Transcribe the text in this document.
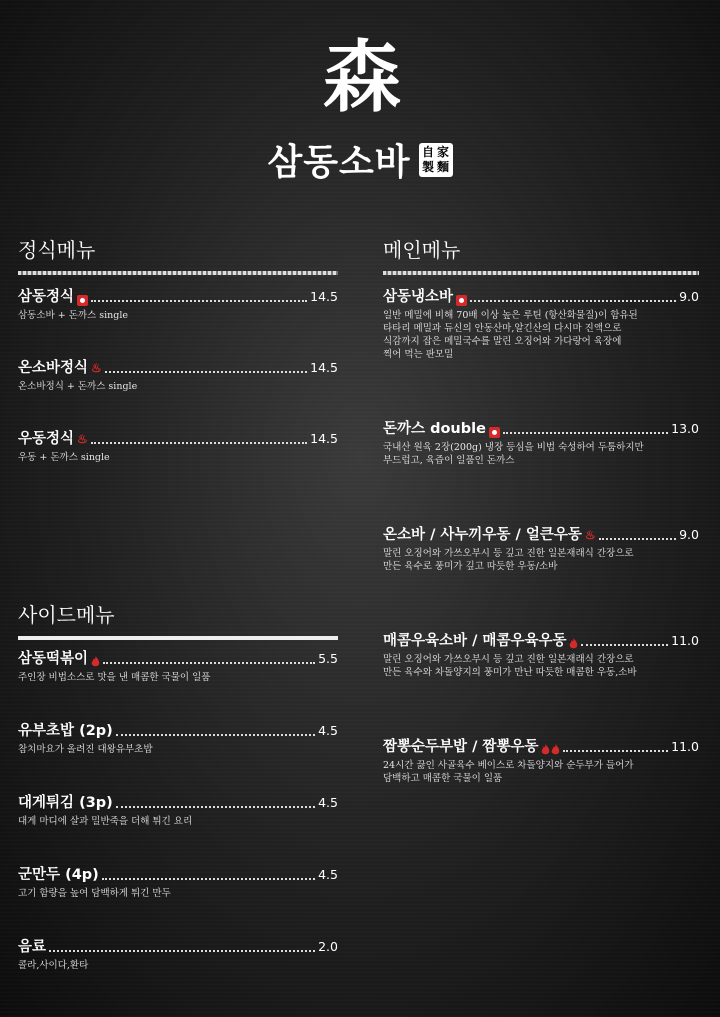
森
삼동소바 自 家
製 麵
정식메뉴
삼동정식	14.5
삼동소바 + 돈까스 single
온소바정식 ♨	14.5
온소바정식 + 돈까스 single
우동정식 ♨	14.5
우동 + 돈까스 single
사이드메뉴
삼동떡볶이	5.5
주인장 비법소스로 맛을 낸 매콤한 국물이 일품
유부초밥 (2p)	4.5
참치마요가 올려진 대왕유부초밥
대게튀김 (3p)	4.5
대게 마디에 살과 밀반죽을 더해 튀긴 요리
군만두 (4p)	4.5
고기 함량을 높여 담백하게 튀긴 만두
음료	2.0
콜라,사이다,환타
메인메뉴
삼동냉소바	9.0
일반 메밀에 비해 70배 이상 높은 루틴 (항산화물질)이 함유된
타타리 메밀과 듀신의 안동산마,알긴산의 다시마 진액으로
식감까지 잡은 메밀국수를 말린 오징어와 가다랑어 육장에
찍어 먹는 판모밀
돈까스 double	13.0
국내산 원육 2장(200g) 냉장 등심을 비법 숙성하여 두툼하지만
부드럽고, 육즙이 일품인 돈까스
온소바 / 사누끼우동 / 얼큰우동 ♨	9.0
말린 오징어와 가쓰오부시 등 깊고 진한 일본재래식 간장으로
만든 육수로 풍미가 깊고 따듯한 우동/소바
매콤우육소바 / 매콤우육우동	11.0
말린 오징어와 가쓰오부시 등 깊고 진한 일본재래식 간장으로
만든 육수와 차돌양지의 풍미가 만난 따듯한 매콤한 우동,소바
짬뽕순두부밥 / 짬뽕우동	11.0
24시간 끓인 사골육수 베이스로 차돌양지와 순두부가 들어가
담백하고 매콤한 국물이 일품
